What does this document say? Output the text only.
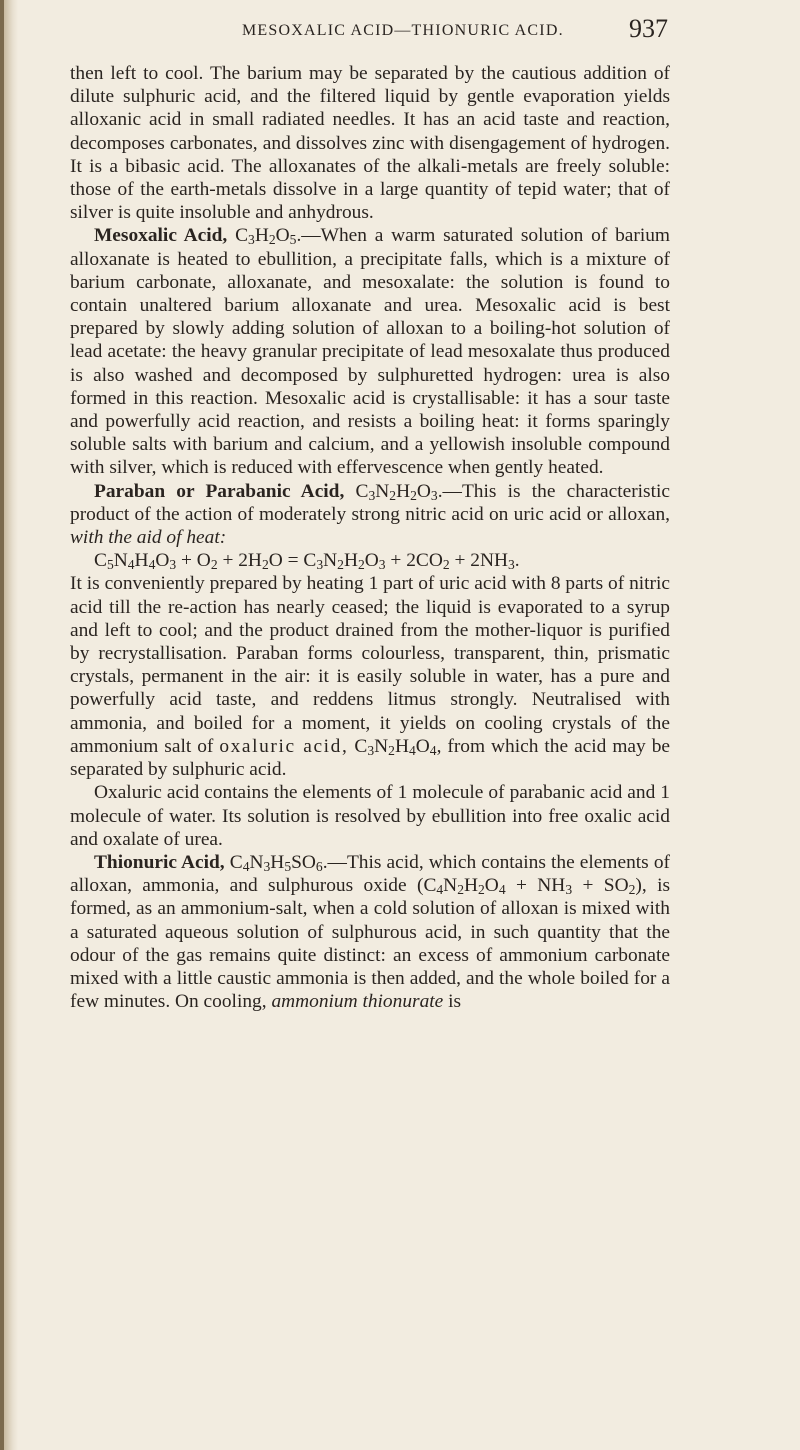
MESOXALIC ACID—THIONURIC ACID.	937

then left to cool. The barium may be separated by the cautious addition of dilute sulphuric acid, and the filtered liquid by gentle evaporation yields alloxanic acid in small radiated needles. It has an acid taste and reaction, decomposes carbonates, and dissolves zinc with disengagement of hydrogen. It is a bibasic acid. The alloxanates of the alkali-metals are freely soluble: those of the earth-metals dissolve in a large quantity of tepid water; that of silver is quite insoluble and anhydrous.

Mesoxalic Acid, $C_3H_2O_5.—When$ a warm saturated solution of barium alloxanate is heated to ebullition, a precipitate falls, which is a mixture of barium carbonate, alloxanate, and mesoxalate: the solution is found to contain unaltered barium alloxanate and urea. Mesoxalic acid is best prepared by slowly adding solution of alloxan to a boiling-hot solution of lead acetate: the heavy granular precipitate of lead mesoxalate thus produced is also washed and decomposed by sulphuretted hydrogen: urea is also formed in this reaction. Mesoxalic acid is crystallisable: it has a sour taste and powerfully acid reaction, and resists a boiling heat: it forms sparingly soluble salts with barium and calcium, and a yellowish insoluble compound with silver, which is reduced with effervescence when gently heated.

Paraban or Parabanic Acid, $C_3N_2H_2O_3.—This$ is the characteristic product of the action of moderately strong nitric acid on uric acid or alloxan, with the aid of heat:

$C_5N_4H_4O_3 + O_2 + 2H_2O = C_3N_2H_2O_3 + 2CO_2 + 2NH_3$.

It is conveniently prepared by heating 1 part of uric acid with 8 parts of nitric acid till the re-action has nearly ceased; the liquid is evaporated to a syrup and left to cool; and the product drained from the mother-liquor is purified by recrystallisation. Paraban forms colourless, transparent, thin, prismatic crystals, permanent in the air: it is easily soluble in water, has a pure and powerfully acid taste, and reddens litmus strongly. Neutralised with ammonia, and boiled for a moment, it yields on cooling crystals of the ammonium salt of oxaluric acid, $C_3N_2H_4O_4$, from which the acid may be separated by sulphuric acid.

Oxaluric acid contains the elements of 1 molecule of parabanic acid and 1 molecule of water. Its solution is resolved by ebullition into free oxalic acid and oxalate of urea.

Thionuric Acid, $C_4N_3H_5SO_6.—This$ acid, which contains the elements of alloxan, ammonia, and sulphurous oxide $(C_4N_2H_2O_4 + NH_3 + SO_2)$, is formed, as an ammonium-salt, when a cold solution of alloxan is mixed with a saturated aqueous solution of sulphurous acid, in such quantity that the odour of the gas remains quite distinct: an excess of ammonium carbonate mixed with a little caustic ammonia is then added, and the whole boiled for a few minutes. On cooling, ammonium thionurate is
